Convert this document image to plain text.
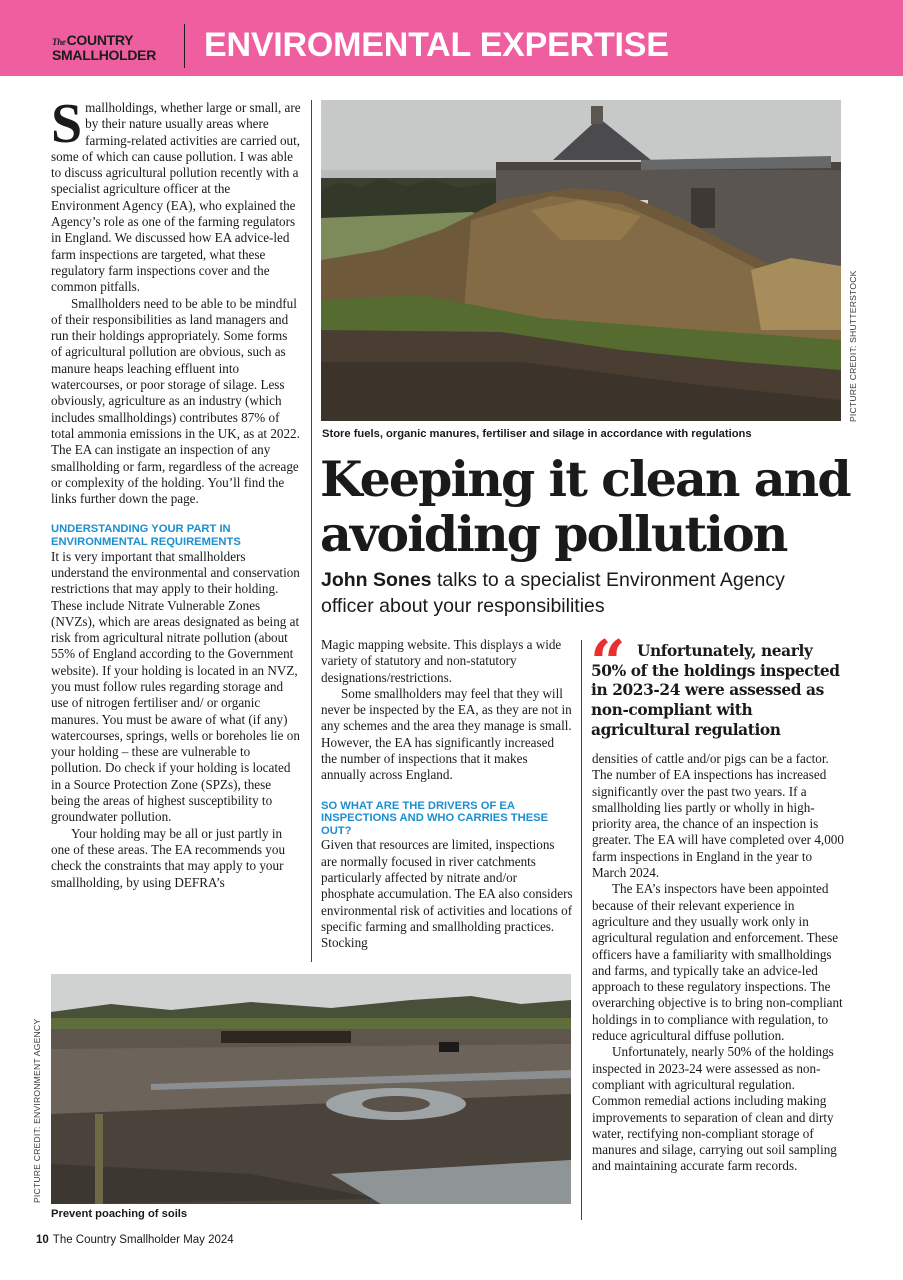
TheCOUNTRY
SMALLHOLDER ENVIROMENTAL EXPERTISE

Smallholdings, whether large or small, are by their nature usually areas where farming-related activities are carried out, some of which can cause pollution. I was able to discuss agricultural pollution recently with a specialist agriculture officer at the Environment Agency (EA), who explained the Agency’s role as one of the farming regulators in England. We discussed how EA advice-led farm inspections are targeted, what these regulatory farm inspections cover and the common pitfalls.

Smallholders need to be able to be mindful of their responsibilities as land managers and run their holdings appropriately. Some forms of agricultural pollution are obvious, such as manure heaps leaching effluent into watercourses, or poor storage of silage. Less obviously, agriculture as an industry (which includes smallholdings) contributes 87% of total ammonia emissions in the UK, as at 2022. The EA can instigate an inspection of any smallholding or farm, regardless of the acreage or complexity of the holding. You’ll find the links further down the page.

UNDERSTANDING YOUR PART IN ENVIRONMENTAL REQUIREMENTS

It is very important that smallholders understand the environmental and conservation restrictions that may apply to their holding. These include Nitrate Vulnerable Zones (NVZs), which are areas designated as being at risk from agricultural nitrate pollution (about 55% of England according to the Government website). If your holding is located in an NVZ, you must follow rules regarding storage and use of nitrogen fertiliser and/ or organic manures. You must be aware of what (if any) watercourses, springs, wells or boreholes lie on your holding – these are vulnerable to pollution. Do check if your holding is located in a Source Protection Zone (SPZs), these being the areas of highest susceptibility to groundwater pollution.

Your holding may be all or just partly in one of these areas. The EA recommends you check the constraints that may apply to your smallholding, by using DEFRA’s

PICTURE CREDIT: SHUTTERSTOCK
Store fuels, organic manures, fertiliser and silage in accordance with regulations
Keeping it clean and avoiding pollution
John Sones talks to a specialist Environment Agency officer about your responsibilities

Magic mapping website. This displays a wide variety of statutory and non-statutory designations/restrictions.

Some smallholders may feel that they will never be inspected by the EA, as they are not in any schemes and the area they manage is small. However, the EA has significantly increased the number of inspections that it makes annually across England.

SO WHAT ARE THE DRIVERS OF EA INSPECTIONS AND WHO CARRIES THESE OUT?

Given that resources are limited, inspections are normally focused in river catchments particularly affected by nitrate and/or phosphate accumulation. The EA also considers environmental risk of activities and locations of specific farming and smallholding practices. Stocking

“ Unfortunately, nearly 50% of the holdings inspected in 2023-24 were assessed as non-compliant with agricultural regulation

densities of cattle and/or pigs can be a factor. The number of EA inspections has increased significantly over the past two years. If a smallholding lies partly or wholly in high-priority area, the chance of an inspection is greater. The EA will have completed over 4,000 farm inspections in England in the year to March 2024.

The EA’s inspectors have been appointed because of their relevant experience in agriculture and they usually work only in agricultural regulation and enforcement. These officers have a familiarity with smallholdings and farms, and typically take an advice-led approach to these regulatory inspections. The overarching objective is to bring non-compliant holdings in to compliance with regulation, to reduce agricultural diffuse pollution.

Unfortunately, nearly 50% of the holdings inspected in 2023-24 were assessed as non-compliant with agricultural regulation. Common remedial actions including making improvements to separation of clean and dirty water, rectifying non-compliant storage of manures and silage, carrying out soil sampling and maintaining accurate farm records.

PICTURE CREDIT: ENVIRONMENT AGENCY
Prevent poaching of soils
10 The Country Smallholder May 2024
